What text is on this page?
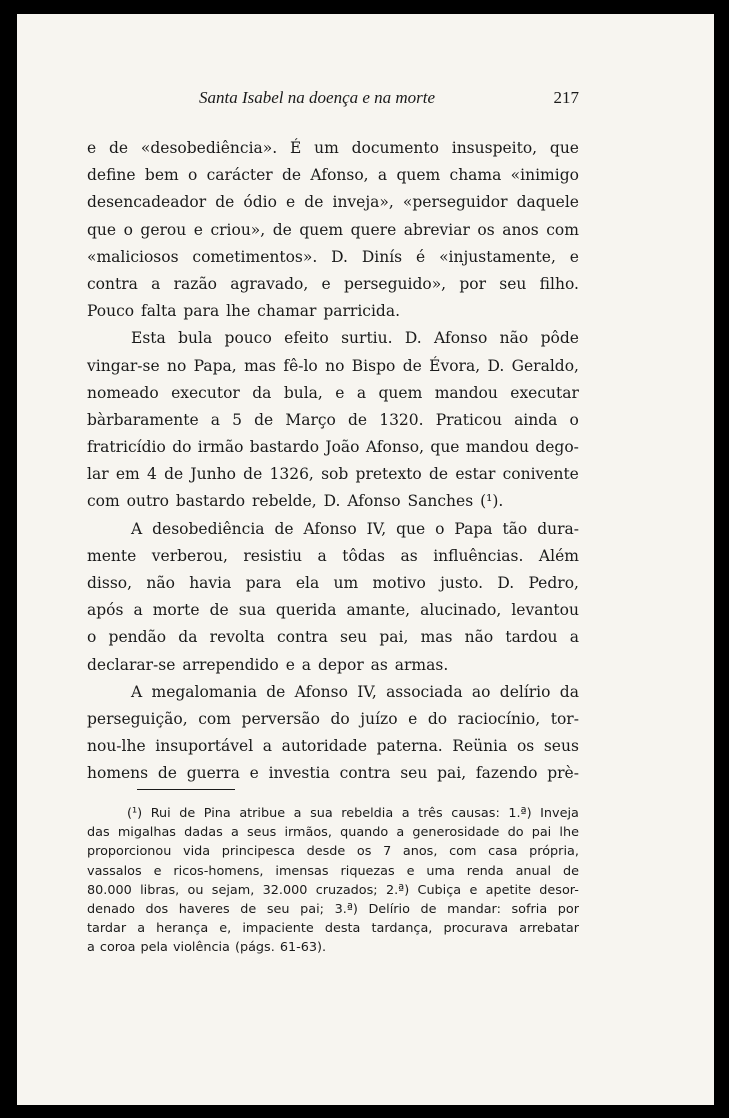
Santa Isabel na doença e na morte	217
e de «desobediência». É um documento insuspeito, que
define bem o carácter de Afonso, a quem chama «inimigo
desencadeador de ódio e de inveja», «perseguidor daquele
que o gerou e criou», de quem quere abreviar os anos com
«maliciosos cometimentos». D. Dinís é «injustamente, e
contra a razão agravado, e perseguido», por seu filho.
Pouco falta para lhe chamar parricida.
Esta bula pouco efeito surtiu. D. Afonso não pôde
vingar-se no Papa, mas fê-lo no Bispo de Évora, D. Geraldo,
nomeado executor da bula, e a quem mandou executar
bàrbaramente a 5 de Março de 1320. Praticou ainda o
fratricídio do irmão bastardo João Afonso, que mandou dego-
lar em 4 de Junho de 1326, sob pretexto de estar conivente
com outro bastardo rebelde, D. Afonso Sanches (¹).
A desobediência de Afonso IV, que o Papa tão dura-
mente verberou, resistiu a tôdas as influências. Além
disso, não havia para ela um motivo justo. D. Pedro,
após a morte de sua querida amante, alucinado, levantou
o pendão da revolta contra seu pai, mas não tardou a
declarar-se arrependido e a depor as armas.
A megalomania de Afonso IV, associada ao delírio da
perseguição, com perversão do juízo e do raciocínio, tor-
nou-lhe insuportável a autoridade paterna. Reünia os seus
homens de guerra e investia contra seu pai, fazendo prè-
(¹) Rui de Pina atribue a sua rebeldia a três causas: 1.ª) Inveja
das migalhas dadas a seus irmãos, quando a generosidade do pai lhe
proporcionou vida principesca desde os 7 anos, com casa própria,
vassalos e ricos-homens, imensas riquezas e uma renda anual de
80.000 libras, ou sejam, 32.000 cruzados; 2.ª) Cubiça e apetite desor-
denado dos haveres de seu pai; 3.ª) Delírio de mandar: sofria por
tardar a herança e, impaciente desta tardança, procurava arrebatar
a coroa pela violência (págs. 61-63).
